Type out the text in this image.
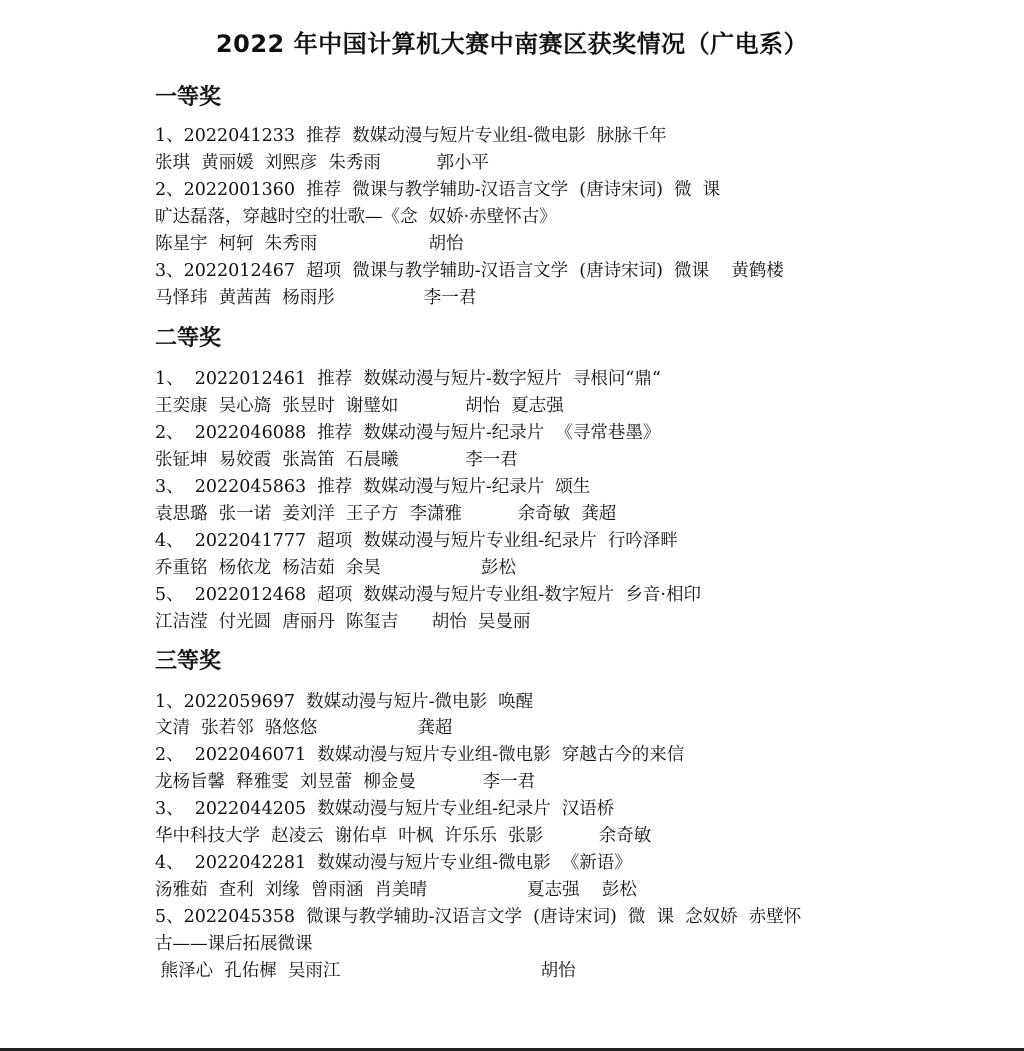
2022 年中国计算机大赛中南赛区获奖情况（广电系）
一等奖
1、2022041233  推荐  数媒动漫与短片专业组-微电影  脉脉千年
张琪  黄丽媛  刘熙彦  朱秀雨          郭小平
2、2022001360  推荐  微课与教学辅助-汉语言文学  (唐诗宋词)  微  课
旷达磊落，穿越时空的壮歌—《念  奴娇·赤壁怀古》
陈星宇  柯轲  朱秀雨                    胡怡
3、2022012467  超项  微课与教学辅助-汉语言文学  (唐诗宋词)  微课    黄鹤楼
马怿玮  黄茜茜  杨雨彤                李一君
二等奖
1、  2022012461  推荐  数媒动漫与短片-数字短片  寻根问“鼎“
王奕康  吴心旖  张昱时  谢璧如            胡怡  夏志强
2、  2022046088  推荐  数媒动漫与短片-纪录片  《寻常巷墨》
张钲坤  易姣霞  张嵩笛  石晨曦            李一君
3、  2022045863  推荐  数媒动漫与短片-纪录片  颂生
袁思璐  张一诺  姜刘洋  王子方  李潇雅          余奇敏  龚超
4、  2022041777  超项  数媒动漫与短片专业组-纪录片  行吟泽畔
乔重铭  杨依龙  杨洁茹  余昊                  彭松
5、  2022012468  超项  数媒动漫与短片专业组-数字短片  乡音·相印
江洁滢  付光圆  唐丽丹  陈玺吉      胡怡  吴曼丽
三等奖
1、2022059697  数媒动漫与短片-微电影  唤醒
文清  张若邻  骆悠悠                  龚超
2、  2022046071  数媒动漫与短片专业组-微电影  穿越古今的来信
龙杨旨馨  释雅雯  刘昱蕾  柳金曼            李一君
3、  2022044205  数媒动漫与短片专业组-纪录片  汉语桥
华中科技大学  赵凌云  谢佑卓  叶枫  许乐乐  张影          余奇敏
4、  2022042281  数媒动漫与短片专业组-微电影  《新语》
汤雅茹  查利  刘缘  曾雨涵  肖美晴                  夏志强    彭松
5、2022045358  微课与教学辅助-汉语言文学  (唐诗宋词)  微  课  念奴娇  赤壁怀
古——课后拓展微课
熊泽心  孔佑樨  吴雨江                                    胡怡
